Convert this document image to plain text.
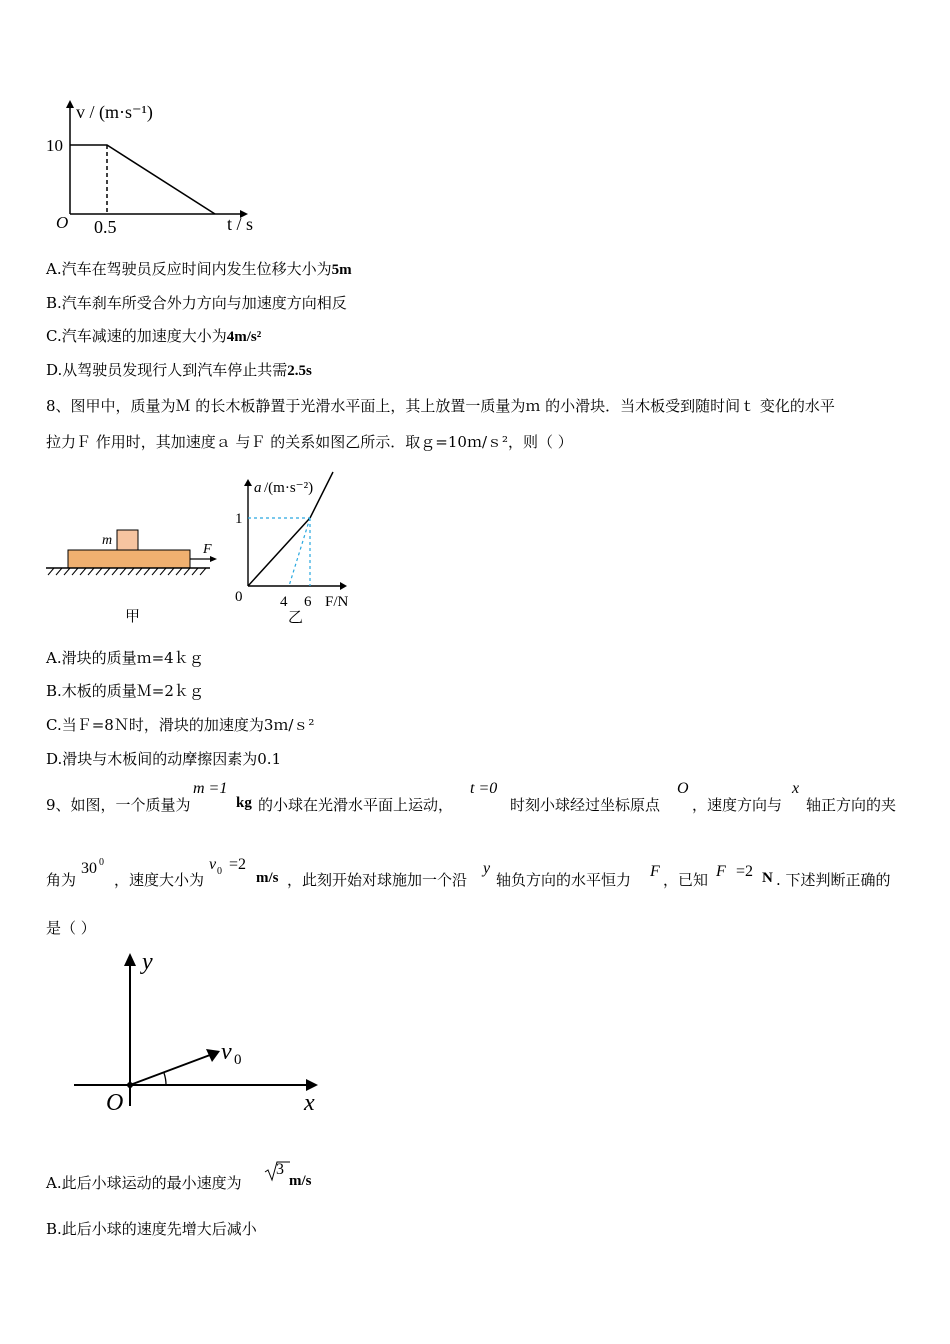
v / (m·s⁻¹)
10
O 0.5	t / s
A.汽车在驾驶员反应时间内发生位移大小为5m
B.汽车刹车所受合外力方向与加速度方向相反
C.汽车减速的加速度大小为4m/s²
D.从驾驶员发现行人到汽车停止共需2.5s
8、图甲中，质量为Ｍ 的长木板静置于光滑水平面上，其上放置一质量为ｍ 的小滑块．当木板受到随时间ｔ 变化的水平
拉力Ｆ 作用时，其加速度ａ 与Ｆ 的关系如图乙所示．取ｇ=10ｍ/ｓ²，则（ ）
m
F
甲
a /(m·s⁻²)
1
0	4 6 F/N
乙
A.滑块的质量ｍ=4ｋｇ
B.木板的质量Ｍ=2ｋｇ
C.当Ｆ=8Ｎ时，滑块的加速度为3ｍ/ｓ²
D.滑块与木板间的动摩擦因素为0.1
9、如图，一个质量为
m =1
kg 的小球在光滑水平面上运动，
t =0
时刻小球经过坐标原点
O
，速度方向与
x
轴正方向的夹
角为
30 0
，速度大小为
v 0 =2
m/s ，此刻开始对球施加一个沿
y
轴负方向的水平恒力 F ，已知 F =2 N . 下述判断正确的
是（ ）
y
x
O
v 0
A.此后小球运动的最小速度为
3
m/s
B.此后小球的速度先增大后减小
